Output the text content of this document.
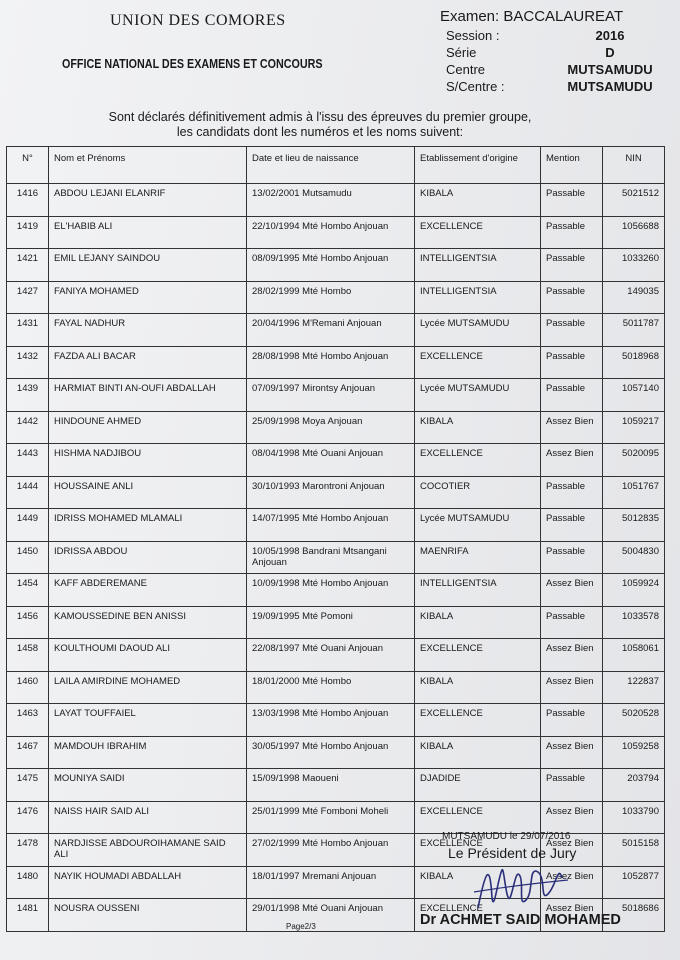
UNION DES COMORES
OFFICE NATIONAL DES EXAMENS ET CONCOURS
Examen: BACCALAUREAT
Session :	2016
Série	D
Centre	MUTSAMUDU
S/Centre :	MUTSAMUDU
Sont déclarés définitivement admis à l'issu des épreuves du premier groupe,
les candidats dont les numéros et les noms suivent:
N°	Nom et Prénoms	Date et lieu de naissance	Etablissement d'origine	Mention	NIN
1416	ABDOU LEJANI ELANRIF	13/02/2001 Mutsamudu	KIBALA	Passable	5021512
1419	EL'HABIB ALI	22/10/1994 Mté Hombo Anjouan	EXCELLENCE	Passable	1056688
1421	EMIL LEJANY SAINDOU	08/09/1995 Mté Hombo Anjouan	INTELLIGENTSIA	Passable	1033260
1427	FANIYA MOHAMED	28/02/1999 Mté Hombo	INTELLIGENTSIA	Passable	149035
1431	FAYAL NADHUR	20/04/1996 M'Remani Anjouan	Lycée MUTSAMUDU	Passable	5011787
1432	FAZDA ALI BACAR	28/08/1998 Mté Hombo Anjouan	EXCELLENCE	Passable	5018968
1439	HARMIAT BINTI AN-OUFI ABDALLAH	07/09/1997 Mirontsy Anjouan	Lycée MUTSAMUDU	Passable	1057140
1442	HINDOUNE AHMED	25/09/1998 Moya Anjouan	KIBALA	Assez Bien	1059217
1443	HISHMA NADJIBOU	08/04/1998 Mté Ouani Anjouan	EXCELLENCE	Assez Bien	5020095
1444	HOUSSAINE ANLI	30/10/1993 Marontroni Anjouan	COCOTIER	Passable	1051767
1449	IDRISS MOHAMED MLAMALI	14/07/1995 Mté Hombo Anjouan	Lycée MUTSAMUDU	Passable	5012835
1450	IDRISSA ABDOU	10/05/1998 Bandrani Mtsangani Anjouan	MAENRIFA	Passable	5004830
1454	KAFF ABDEREMANE	10/09/1998 Mté Hombo Anjouan	INTELLIGENTSIA	Assez Bien	1059924
1456	KAMOUSSEDINE BEN ANISSI	19/09/1995 Mté Pomoni	KIBALA	Passable	1033578
1458	KOULTHOUMI DAOUD ALI	22/08/1997 Mté Ouani Anjouan	EXCELLENCE	Assez Bien	1058061
1460	LAILA AMIRDINE MOHAMED	18/01/2000 Mté Hombo	KIBALA	Assez Bien	122837
1463	LAYAT TOUFFAIEL	13/03/1998 Mté Hombo Anjouan	EXCELLENCE	Passable	5020528
1467	MAMDOUH IBRAHIM	30/05/1997 Mté Hombo Anjouan	KIBALA	Assez Bien	1059258
1475	MOUNIYA SAIDI	15/09/1998 Maoueni	DJADIDE	Passable	203794
1476	NAISS HAIR SAID ALI	25/01/1999 Mté Fomboni Moheli	EXCELLENCE	Assez Bien	1033790
1478	NARDJISSE ABDOUROIHAMANE SAID ALI	27/02/1999 Mté Hombo Anjouan	EXCELLENCE	Assez Bien	5015158
1480	NAYIK HOUMADI ABDALLAH	18/01/1997 Mremani Anjouan	KIBALA	Assez Bien	1052877
1481	NOUSRA OUSSENI	29/01/1998 Mté Ouani Anjouan	EXCELLENCE	Assez Bien	5018686
MUTSAMUDU le 29/07/2016
Le Président de Jury
Dr ACHMET SAID MOHAMED
Page2/3
